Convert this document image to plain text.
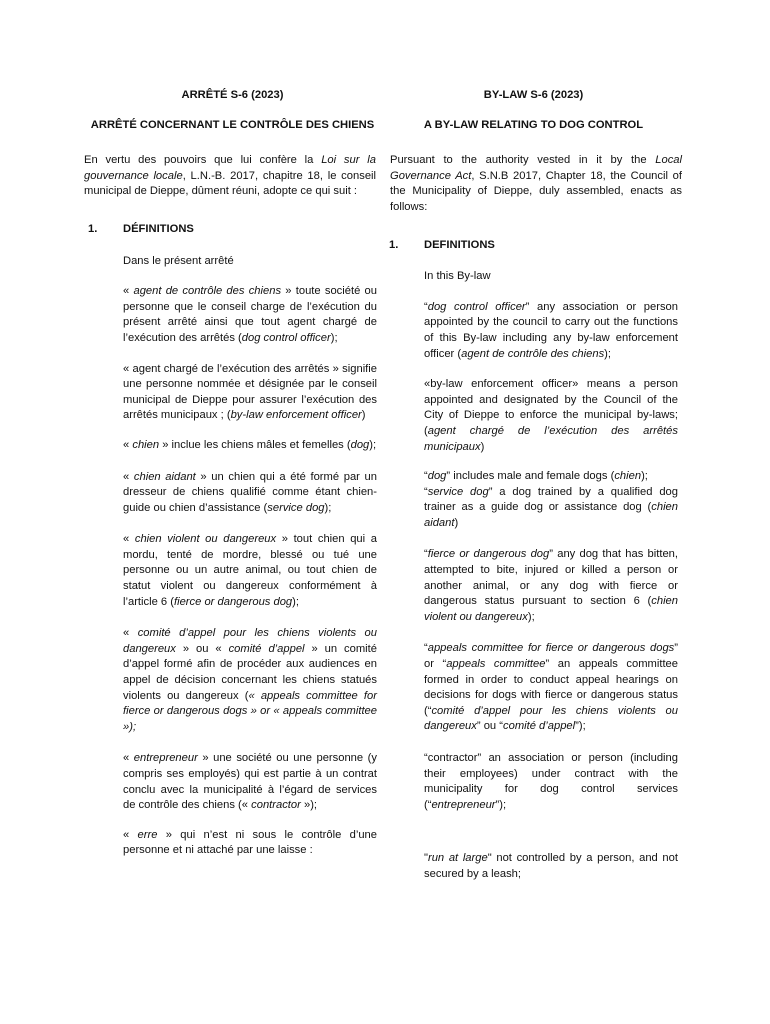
ARRÊTÉ S-6 (2023)
ARRÊTÉ CONCERNANT LE CONTRÔLE DES CHIENS
En vertu des pouvoirs que lui confère la Loi sur la gouvernance locale, L.N.-B. 2017, chapitre 18, le conseil municipal de Dieppe, dûment réuni, adopte ce qui suit :
1.	DÉFINITIONS
Dans le présent arrêté
« agent de contrôle des chiens » toute société ou personne que le conseil charge de l’exécution du présent arrêté ainsi que tout agent chargé de l’exécution des arrêtés (dog control officer);
« agent chargé de l’exécution des arrêtés » signifie une personne nommée et désignée par le conseil municipal de Dieppe pour assurer l’exécution des arrêtés municipaux ; (by-law enforcement officer)
« chien » inclue les chiens mâles et femelles (dog);
« chien aidant » un chien qui a été formé par un dresseur de chiens qualifié comme étant chien-guide ou chien d’assistance (service dog);
« chien violent ou dangereux » tout chien qui a mordu, tenté de mordre, blessé ou tué une personne ou un autre animal, ou tout chien de statut violent ou dangereux conformément à l’article 6 (fierce or dangerous dog);
« comité d’appel pour les chiens violents ou dangereux » ou « comité d’appel » un comité d’appel formé afin de procéder aux audiences en appel de décision concernant les chiens statués violents ou dangereux (« appeals committee for fierce or dangerous dogs » or « appeals committee »);
« entrepreneur » une société ou une personne (y compris ses employés) qui est partie à un contrat conclu avec la municipalité à l’égard de services de contrôle des chiens (« contractor »);
« erre » qui n’est ni sous le contrôle d’une personne et ni attaché par une laisse :
BY-LAW S-6 (2023)
A BY-LAW RELATING TO DOG CONTROL
Pursuant to the authority vested in it by the Local Governance Act, S.N.B 2017, Chapter 18, the Council of the Municipality of Dieppe, duly assembled, enacts as follows:
1.	DEFINITIONS
In this By-law
“dog control officer” any association or person appointed by the council to carry out the functions of this By-law including any by-law enforcement officer (agent de contrôle des chiens);
«by-law enforcement officer» means a person appointed and designated by the Council of the City of Dieppe to enforce the municipal by-laws; (agent chargé de l’exécution des arrêtés municipaux)
“dog” includes male and female dogs (chien);
“service dog” a dog trained by a qualified dog trainer as a guide dog or assistance dog (chien aidant)
“fierce or dangerous dog” any dog that has bitten, attempted to bite, injured or killed a person or another animal, or any dog with fierce or dangerous status pursuant to section 6 (chien violent ou dangereux);
“appeals committee for fierce or dangerous dogs” or “appeals committee” an appeals committee formed in order to conduct appeal hearings on decisions for dogs with fierce or dangerous status (“comité d’appel pour les chiens violents ou dangereux” ou “comité d’appel”);
“contractor” an association or person (including their employees) under contract with the municipality for dog control services (“entrepreneur”);
"run at large" not controlled by a person, and not secured by a leash;
